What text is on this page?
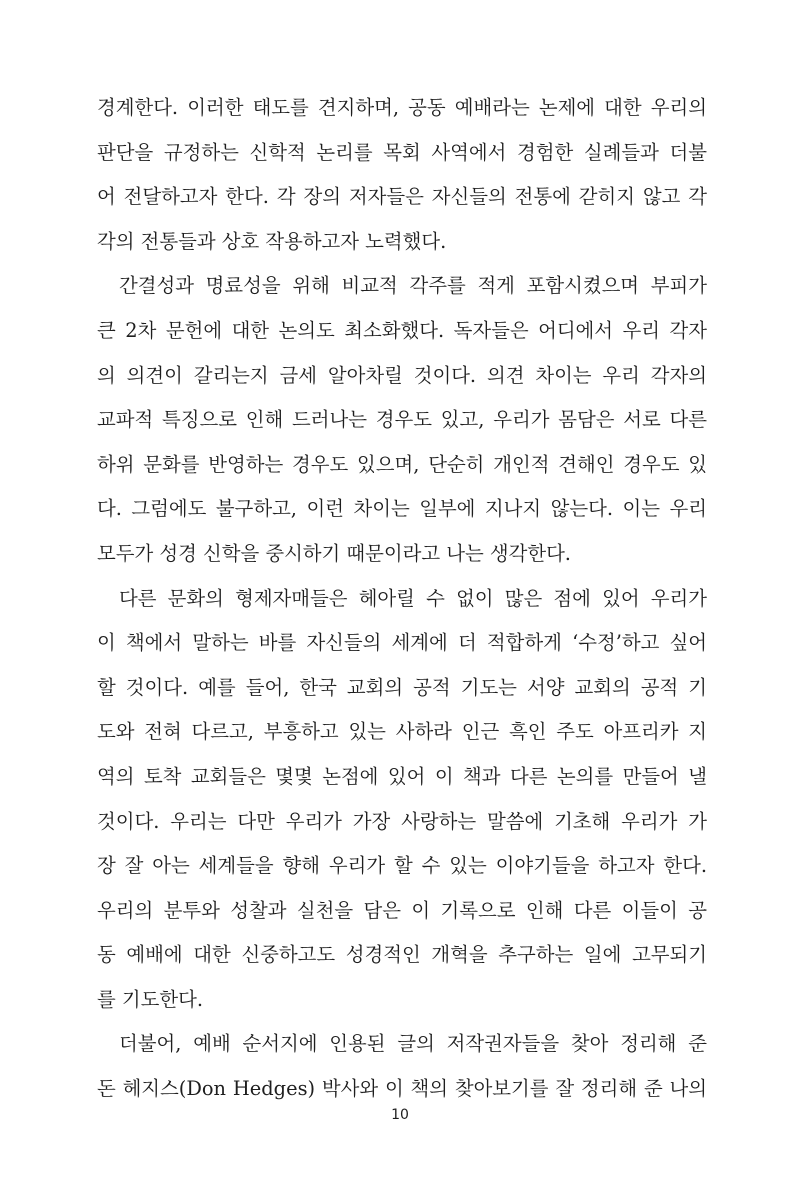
경계한다. 이러한 태도를 견지하며, 공동 예배라는 논제에 대한 우리의
판단을 규정하는 신학적 논리를 목회 사역에서 경험한 실례들과 더불
어 전달하고자 한다. 각 장의 저자들은 자신들의 전통에 갇히지 않고 각
각의 전통들과 상호 작용하고자 노력했다.
간결성과 명료성을 위해 비교적 각주를 적게 포함시켰으며 부피가
큰 2차 문헌에 대한 논의도 최소화했다. 독자들은 어디에서 우리 각자
의 의견이 갈리는지 금세 알아차릴 것이다. 의견 차이는 우리 각자의
교파적 특징으로 인해 드러나는 경우도 있고, 우리가 몸담은 서로 다른
하위 문화를 반영하는 경우도 있으며, 단순히 개인적 견해인 경우도 있
다. 그럼에도 불구하고, 이런 차이는 일부에 지나지 않는다. 이는 우리
모두가 성경 신학을 중시하기 때문이라고 나는 생각한다.
다른 문화의 형제자매들은 헤아릴 수 없이 많은 점에 있어 우리가
이 책에서 말하는 바를 자신들의 세계에 더 적합하게 ‘수정’하고 싶어
할 것이다. 예를 들어, 한국 교회의 공적 기도는 서양 교회의 공적 기
도와 전혀 다르고, 부흥하고 있는 사하라 인근 흑인 주도 아프리카 지
역의 토착 교회들은 몇몇 논점에 있어 이 책과 다른 논의를 만들어 낼
것이다. 우리는 다만 우리가 가장 사랑하는 말씀에 기초해 우리가 가
장 잘 아는 세계들을 향해 우리가 할 수 있는 이야기들을 하고자 한다.
우리의 분투와 성찰과 실천을 담은 이 기록으로 인해 다른 이들이 공
동 예배에 대한 신중하고도 성경적인 개혁을 추구하는 일에 고무되기
를 기도한다.
더불어, 예배 순서지에 인용된 글의 저작권자들을 찾아 정리해 준
돈 헤지스(Don Hedges) 박사와 이 책의 찾아보기를 잘 정리해 준 나의
10
